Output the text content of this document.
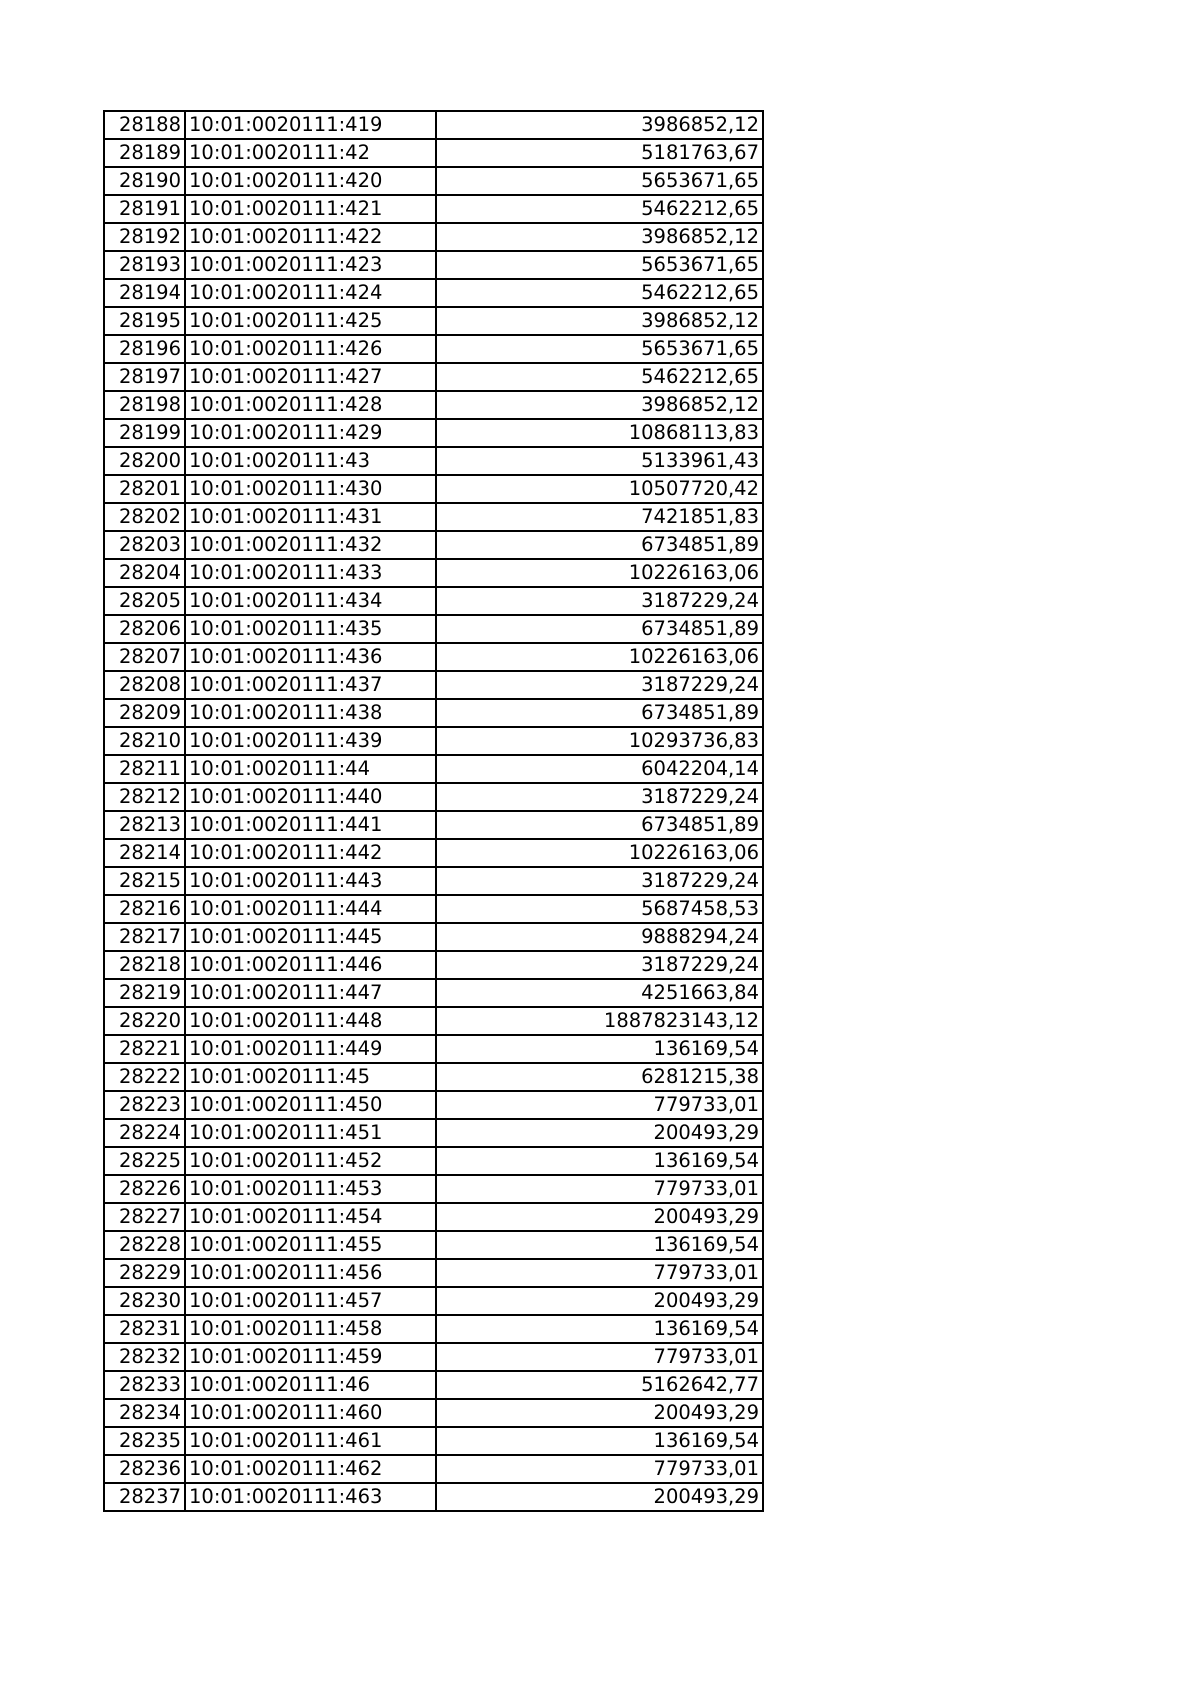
28188	10:01:0020111:419	3986852,12
28189	10:01:0020111:42	5181763,67
28190	10:01:0020111:420	5653671,65
28191	10:01:0020111:421	5462212,65
28192	10:01:0020111:422	3986852,12
28193	10:01:0020111:423	5653671,65
28194	10:01:0020111:424	5462212,65
28195	10:01:0020111:425	3986852,12
28196	10:01:0020111:426	5653671,65
28197	10:01:0020111:427	5462212,65
28198	10:01:0020111:428	3986852,12
28199	10:01:0020111:429	10868113,83
28200	10:01:0020111:43	5133961,43
28201	10:01:0020111:430	10507720,42
28202	10:01:0020111:431	7421851,83
28203	10:01:0020111:432	6734851,89
28204	10:01:0020111:433	10226163,06
28205	10:01:0020111:434	3187229,24
28206	10:01:0020111:435	6734851,89
28207	10:01:0020111:436	10226163,06
28208	10:01:0020111:437	3187229,24
28209	10:01:0020111:438	6734851,89
28210	10:01:0020111:439	10293736,83
28211	10:01:0020111:44	6042204,14
28212	10:01:0020111:440	3187229,24
28213	10:01:0020111:441	6734851,89
28214	10:01:0020111:442	10226163,06
28215	10:01:0020111:443	3187229,24
28216	10:01:0020111:444	5687458,53
28217	10:01:0020111:445	9888294,24
28218	10:01:0020111:446	3187229,24
28219	10:01:0020111:447	4251663,84
28220	10:01:0020111:448	1887823143,12
28221	10:01:0020111:449	136169,54
28222	10:01:0020111:45	6281215,38
28223	10:01:0020111:450	779733,01
28224	10:01:0020111:451	200493,29
28225	10:01:0020111:452	136169,54
28226	10:01:0020111:453	779733,01
28227	10:01:0020111:454	200493,29
28228	10:01:0020111:455	136169,54
28229	10:01:0020111:456	779733,01
28230	10:01:0020111:457	200493,29
28231	10:01:0020111:458	136169,54
28232	10:01:0020111:459	779733,01
28233	10:01:0020111:46	5162642,77
28234	10:01:0020111:460	200493,29
28235	10:01:0020111:461	136169,54
28236	10:01:0020111:462	779733,01
28237	10:01:0020111:463	200493,29
